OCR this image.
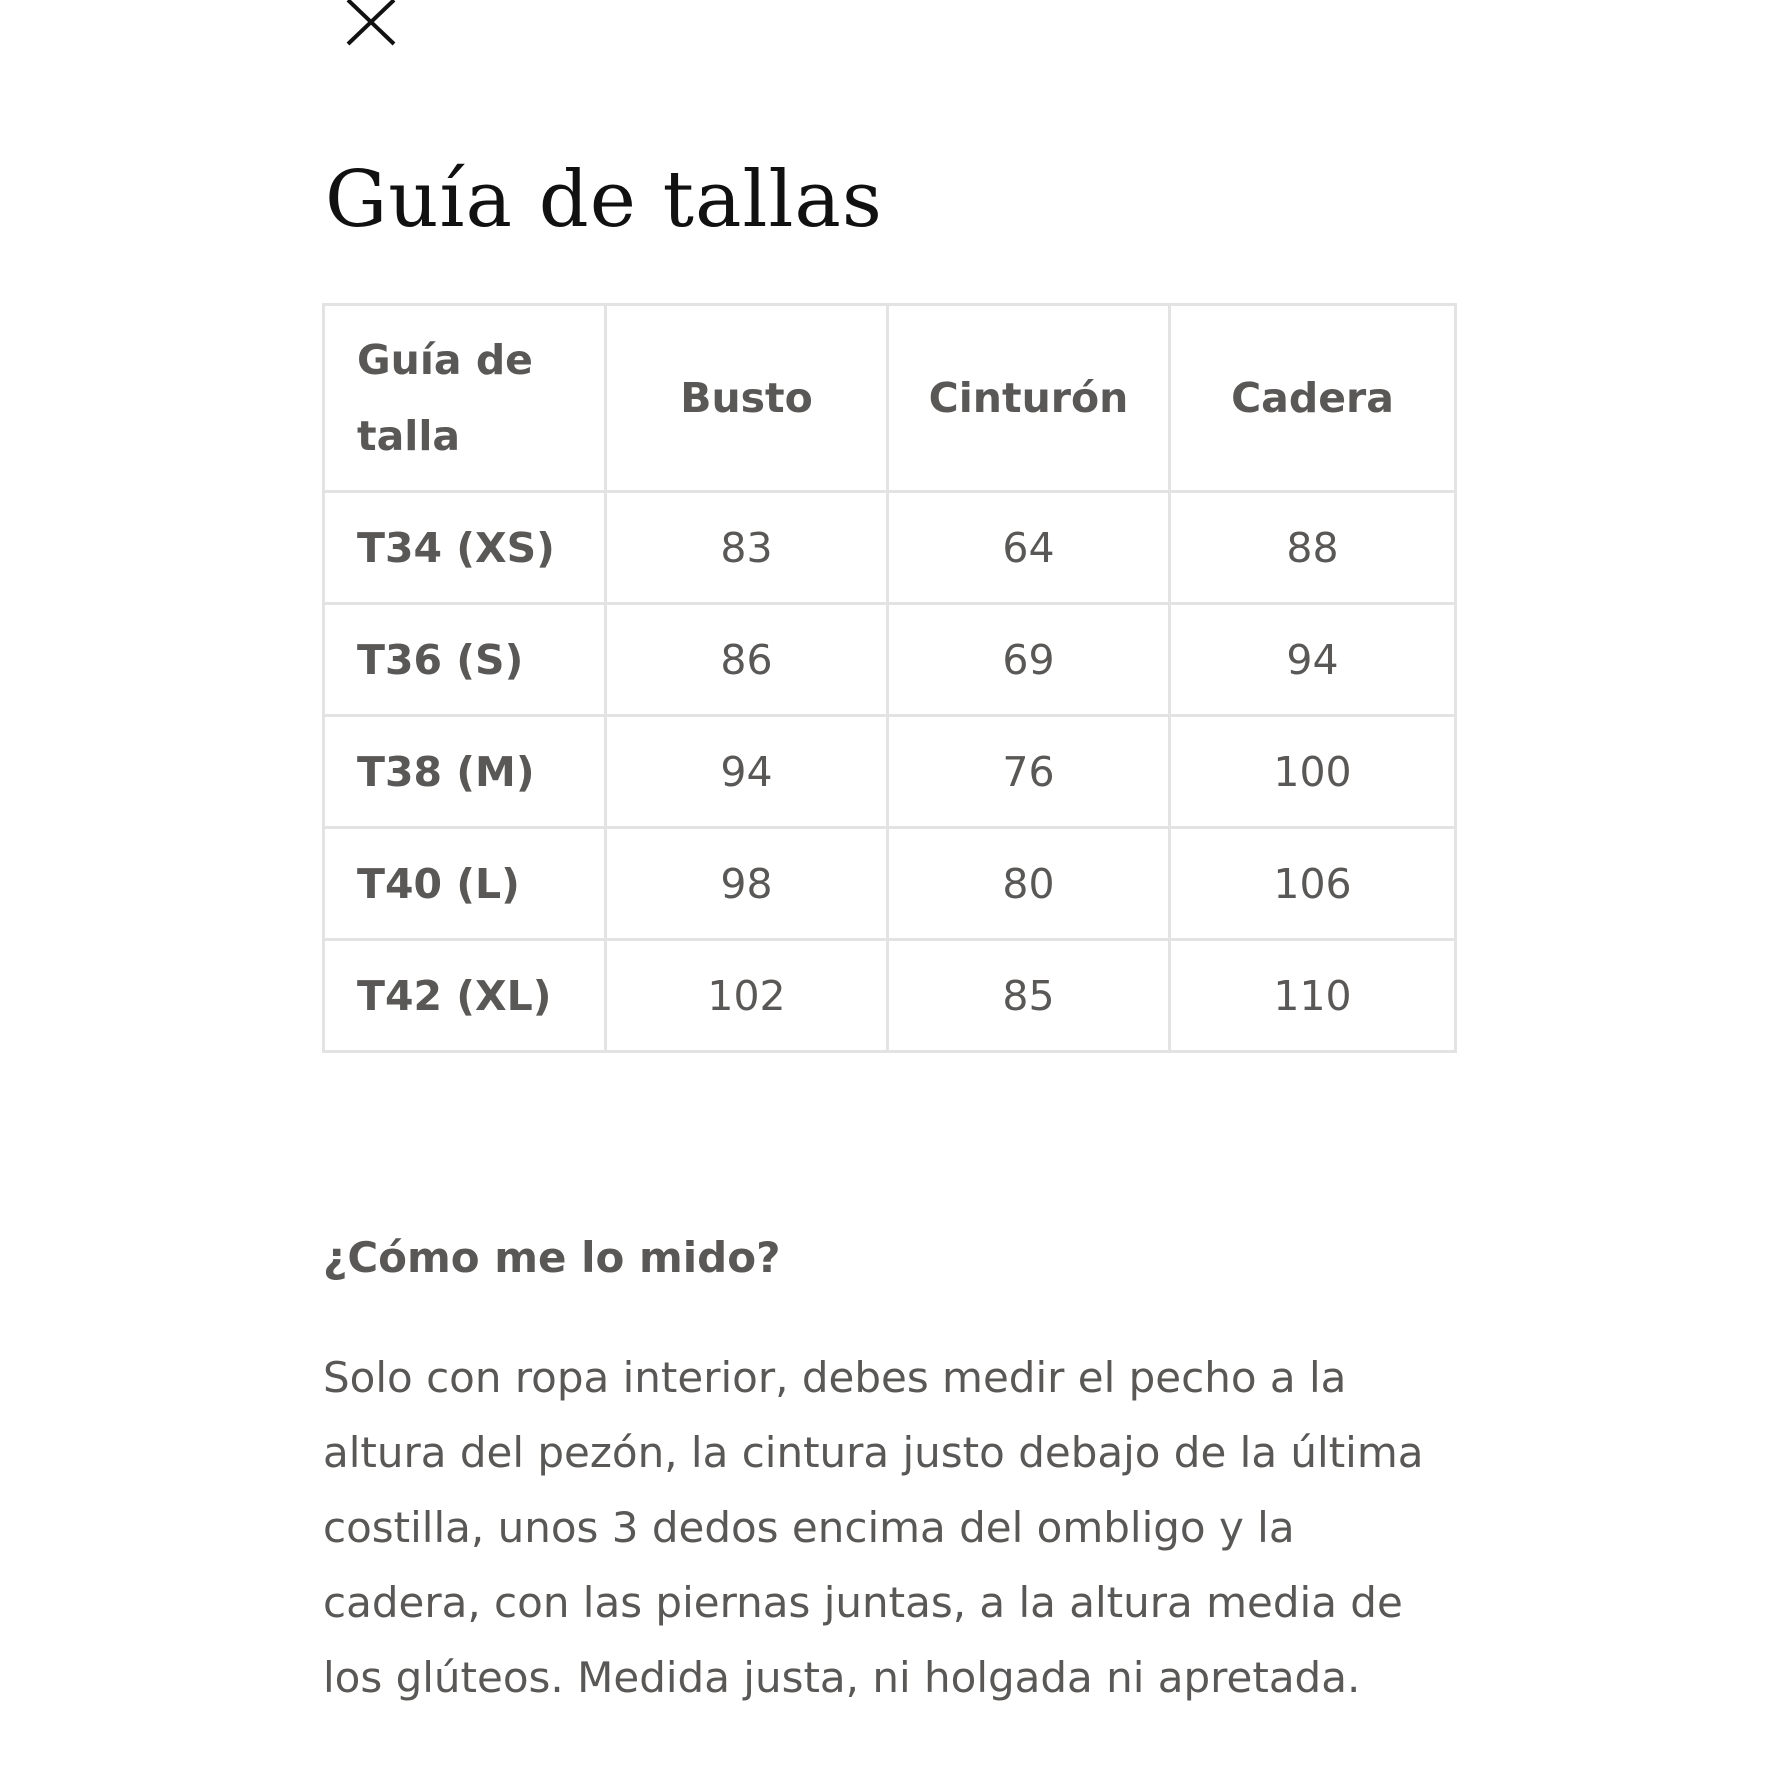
Guía de tallas
Guía de talla	Busto	Cinturón	Cadera
T34 (XS)	83	64	88
T36 (S)	86	69	94
T38 (M)	94	76	100
T40 (L)	98	80	106
T42 (XL)	102	85	110
¿Cómo me lo mido?

Solo con ropa interior, debes medir el pecho a la altura del pezón, la cintura justo debajo de la última costilla, unos 3 dedos encima del ombligo y la cadera, con las piernas juntas, a la altura media de los glúteos. Medida justa, ni holgada ni apretada.
